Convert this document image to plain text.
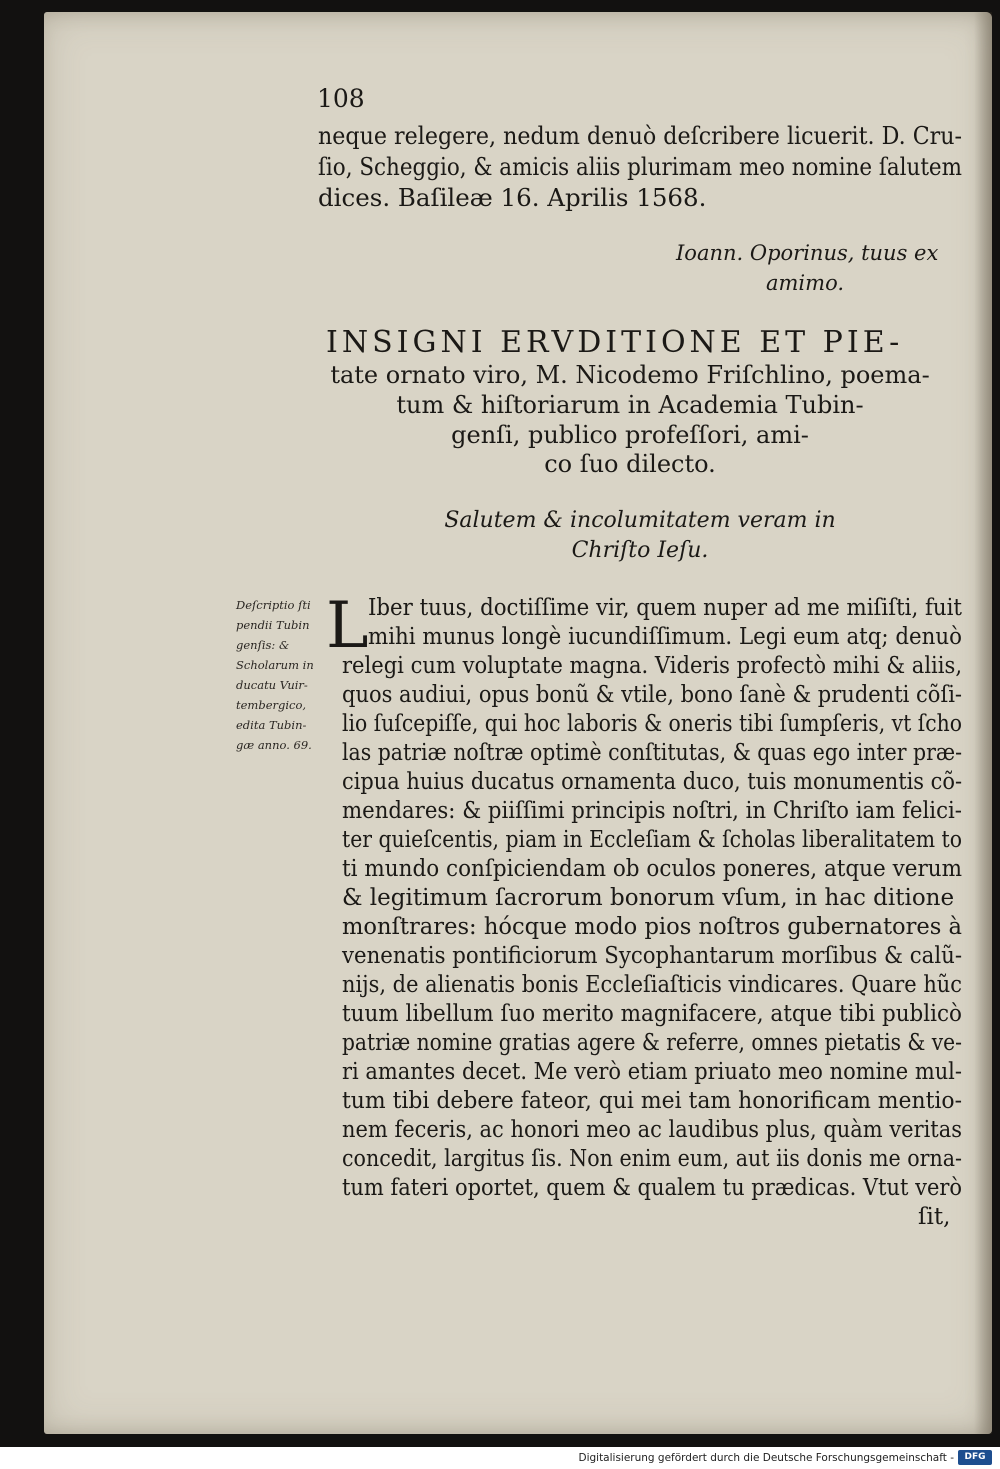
108
neque relegere, nedum denuò deſcribere licuerit. D. Cru-
ſio, Scheggio, & amicis aliis plurimam meo nomine ſalutem
dices. Baſileæ 16. Aprilis 1568.
Ioann. Oporinus, tuus ex
amimo.
INSIGNI ERVDITIONE ET PIE-
tate ornato viro, M. Nicodemo Friſchlino, poema-
tum & hiſtoriarum in Academia Tubin-
genſi, publico profeſſori, ami-
co ſuo dilecto.
Salutem & incolumitatem veram in
Chriſto Ieſu.
L
Deſcriptio ſti
pendii Tubin
genſis: &
Scholarum in
ducatu Vuir-
tembergico,
edita Tubin-
gæ anno. 69.
Iber tuus, doctiſſime vir, quem nuper ad me miſiſti, fuit
mihi munus longè iucundiſſimum. Legi eum atq; denuò
relegi cum voluptate magna. Videris profectò mihi & aliis,
quos audiui, opus bonũ & vtile, bono ſanè & prudenti cõſi-
lio ſuſcepiſſe, qui hoc laboris & oneris tibi ſumpſeris, vt ſcho
las patriæ noſtræ optimè conſtitutas, & quas ego inter præ-
cipua huius ducatus ornamenta duco, tuis monumentis cõ-
mendares: & piiſſimi principis noſtri, in Chriſto iam felici-
ter quieſcentis, piam in Eccleſiam & ſcholas liberalitatem to
ti mundo conſpiciendam ob oculos poneres, atque verum
& legitimum ſacrorum bonorum vſum, in hac ditione
monſtrares: hócque modo pios noſtros gubernatores à
venenatis pontificiorum Sycophantarum morſibus & calũ-
nijs, de alienatis bonis Eccleſiaſticis vindicares. Quare hũc
tuum libellum ſuo merito magnifacere, atque tibi publicò
patriæ nomine gratias agere & referre, omnes pietatis & ve-
ri amantes decet. Me verò etiam priuato meo nomine mul-
tum tibi debere fateor, qui mei tam honorificam mentio-
nem feceris, ac honori meo ac laudibus plus, quàm veritas
concedit, largitus ſis. Non enim eum, aut iis donis me orna-
tum fateri oportet, quem & qualem tu prædicas. Vtut verò
ſit,
Digitalisierung gefördert durch die Deutsche Forschungsgemeinschaft -	DFG
